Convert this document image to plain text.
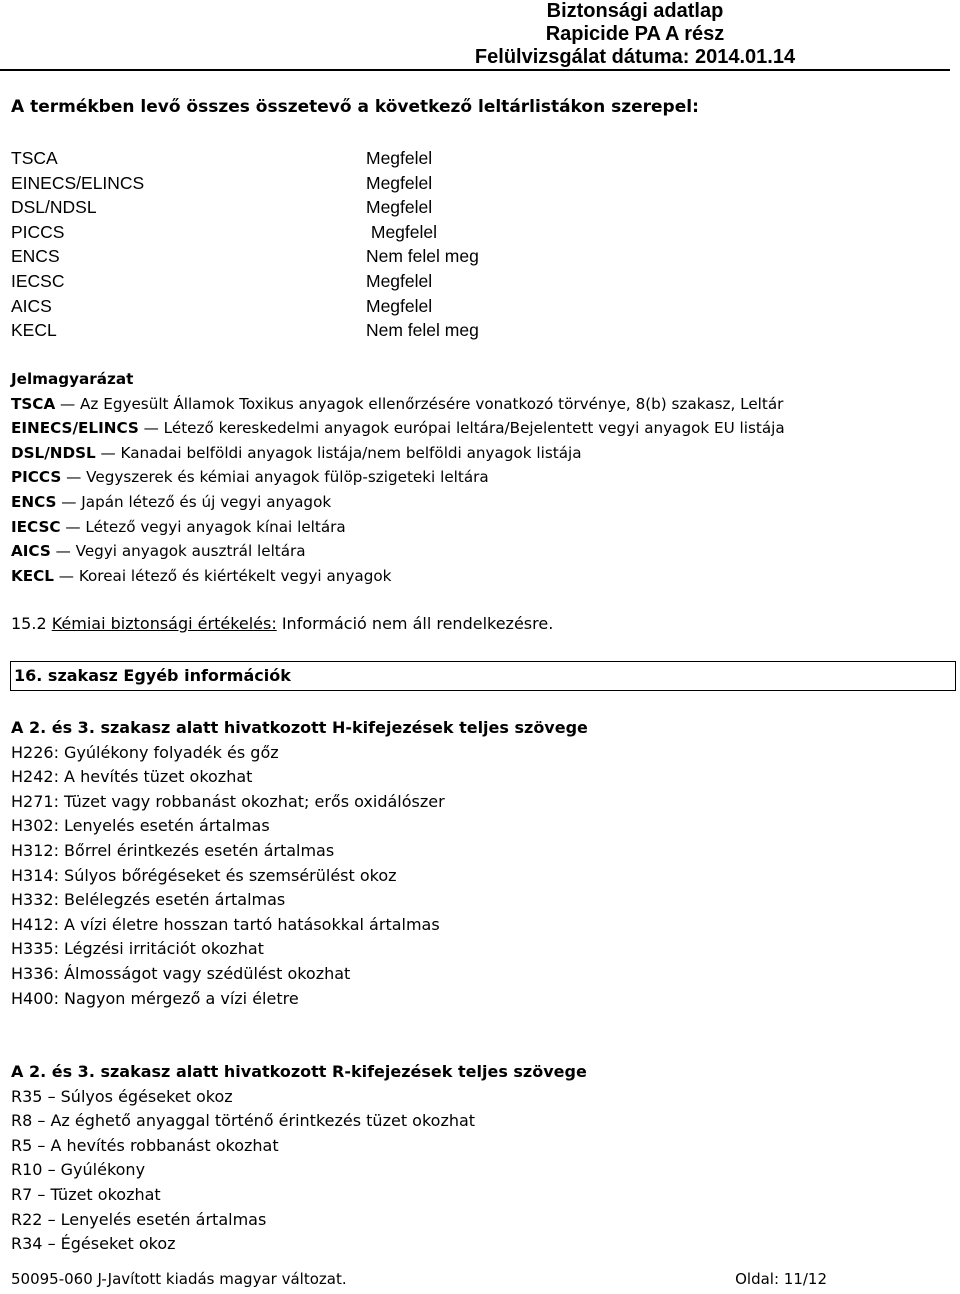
Biztonsági adatlap
Rapicide PA A rész
Felülvizsgálat dátuma: 2014.01.14
A termékben levő összes összetevő a következő leltárlistákon szerepel:
TSCA
EINECS/ELINCS
DSL/NDSL
PICCS
ENCS
IECSC
AICS
KECL
Megfelel
Megfelel
Megfelel
Megfelel
Nem felel meg
Megfelel
Megfelel
Nem felel meg
Jelmagyarázat
TSCA — Az Egyesült Államok Toxikus anyagok ellenőrzésére vonatkozó törvénye, 8(b) szakasz, Leltár
EINECS/ELINCS — Létező kereskedelmi anyagok európai leltára/Bejelentett vegyi anyagok EU listája
DSL/NDSL — Kanadai belföldi anyagok listája/nem belföldi anyagok listája
PICCS — Vegyszerek és kémiai anyagok fülöp-szigeteki leltára
ENCS — Japán létező és új vegyi anyagok
IECSC — Létező vegyi anyagok kínai leltára
AICS — Vegyi anyagok ausztrál leltára
KECL — Koreai létező és kiértékelt vegyi anyagok
15.2 Kémiai biztonsági értékelés: Információ nem áll rendelkezésre.
16. szakasz Egyéb információk
A 2. és 3. szakasz alatt hivatkozott H-kifejezések teljes szövege
H226: Gyúlékony folyadék és gőz
H242: A hevítés tüzet okozhat
H271: Tüzet vagy robbanást okozhat; erős oxidálószer
H302: Lenyelés esetén ártalmas
H312: Bőrrel érintkezés esetén ártalmas
H314: Súlyos bőrégéseket és szemsérülést okoz
H332: Belélegzés esetén ártalmas
H412: A vízi életre hosszan tartó hatásokkal ártalmas
H335: Légzési irritációt okozhat
H336: Álmosságot vagy szédülést okozhat
H400: Nagyon mérgező a vízi életre
A 2. és 3. szakasz alatt hivatkozott R-kifejezések teljes szövege
R35 – Súlyos égéseket okoz
R8 – Az éghető anyaggal történő érintkezés tüzet okozhat
R5 – A hevítés robbanást okozhat
R10 – Gyúlékony
R7 – Tüzet okozhat
R22 – Lenyelés esetén ártalmas
R34 – Égéseket okoz
50095-060 J-Javított kiadás magyar változat.	Oldal: 11/12
